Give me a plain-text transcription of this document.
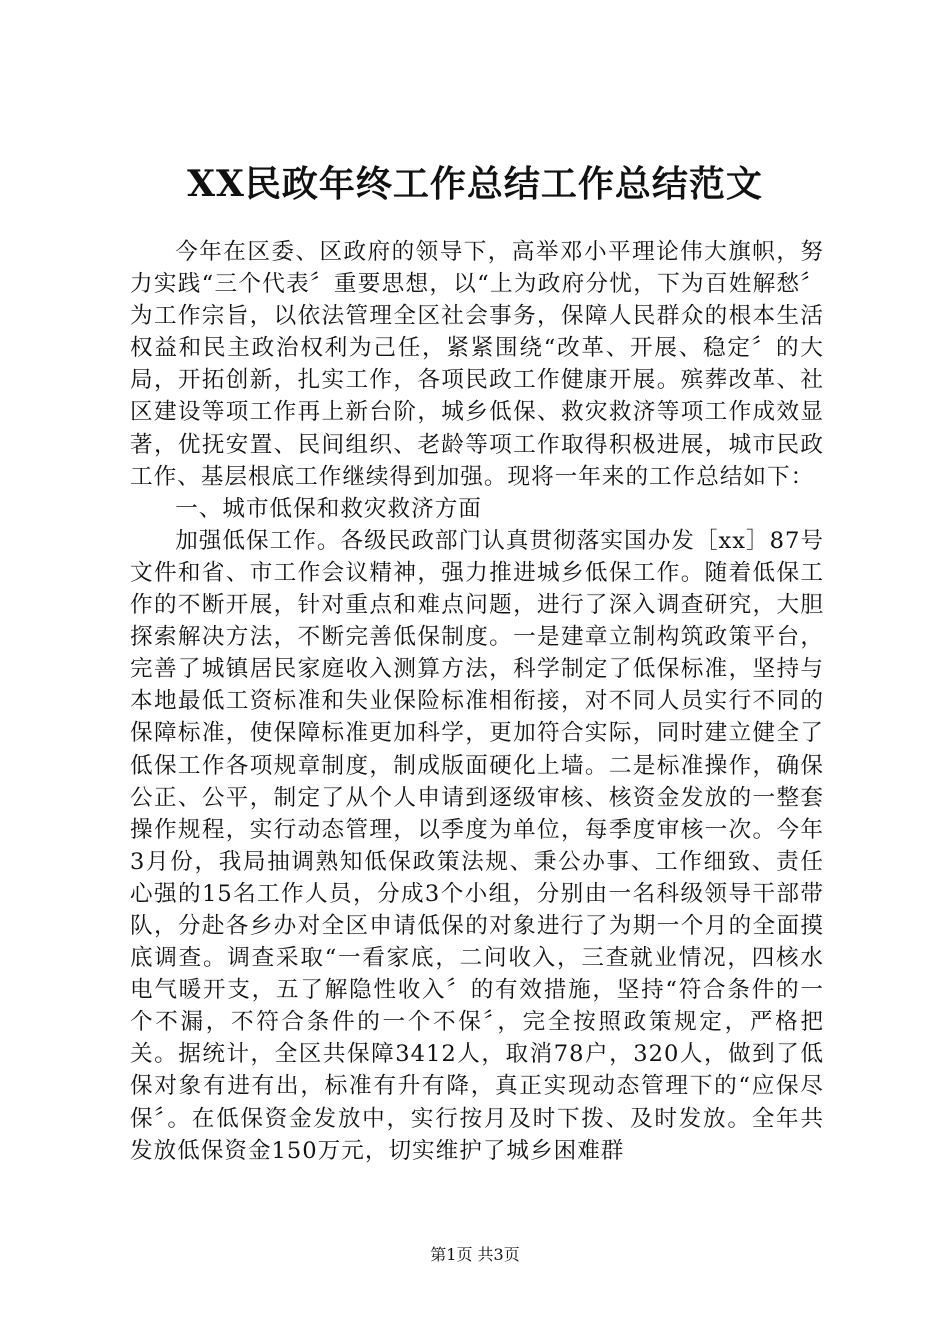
XX民政年终工作总结工作总结范文

今年在区委、区政府的领导下，高举邓小平理论伟大旗帜，努力实践“三个代表〞重要思想，以“上为政府分忧，下为百姓解愁〞为工作宗旨，以依法管理全区社会事务，保障人民群众的根本生活权益和民主政治权利为己任，紧紧围绕“改革、开展、稳定〞的大局，开拓创新，扎实工作，各项民政工作健康开展。殡葬改革、社区建设等项工作再上新台阶，城乡低保、救灾救济等项工作成效显著，优抚安置、民间组织、老龄等项工作取得积极进展，城市民政工作、基层根底工作继续得到加强。现将一年来的工作总结如下：

一、城市低保和救灾救济方面

加强低保工作。各级民政部门认真贯彻落实国办发［xx］87号文件和省、市工作会议精神，强力推进城乡低保工作。随着低保工作的不断开展，针对重点和难点问题，进行了深入调查研究，大胆探索解决方法，不断完善低保制度。一是建章立制构筑政策平台，完善了城镇居民家庭收入测算方法，科学制定了低保标准，坚持与本地最低工资标准和失业保险标准相衔接，对不同人员实行不同的保障标准，使保障标准更加科学，更加符合实际，同时建立健全了低保工作各项规章制度，制成版面硬化上墙。二是标准操作，确保公正、公平，制定了从个人申请到逐级审核、核资金发放的一整套操作规程，实行动态管理，以季度为单位，每季度审核一次。今年3月份，我局抽调熟知低保政策法规、秉公办事、工作细致、责任心强的15名工作人员，分成3个小组，分别由一名科级领导干部带队，分赴各乡办对全区申请低保的对象进行了为期一个月的全面摸底调查。调查采取“一看家底，二问收入，三查就业情况，四核水电气暖开支，五了解隐性收入〞的有效措施，坚持“符合条件的一个不漏，不符合条件的一个不保〞，完全按照政策规定，严格把关。据统计，全区共保障3412人，取消78户，320人，做到了低保对象有进有出，标准有升有降，真正实现动态管理下的“应保尽保〞。在低保资金发放中，实行按月及时下拨、及时发放。全年共发放低保资金150万元，切实维护了城乡困难群

第1页 共3页
